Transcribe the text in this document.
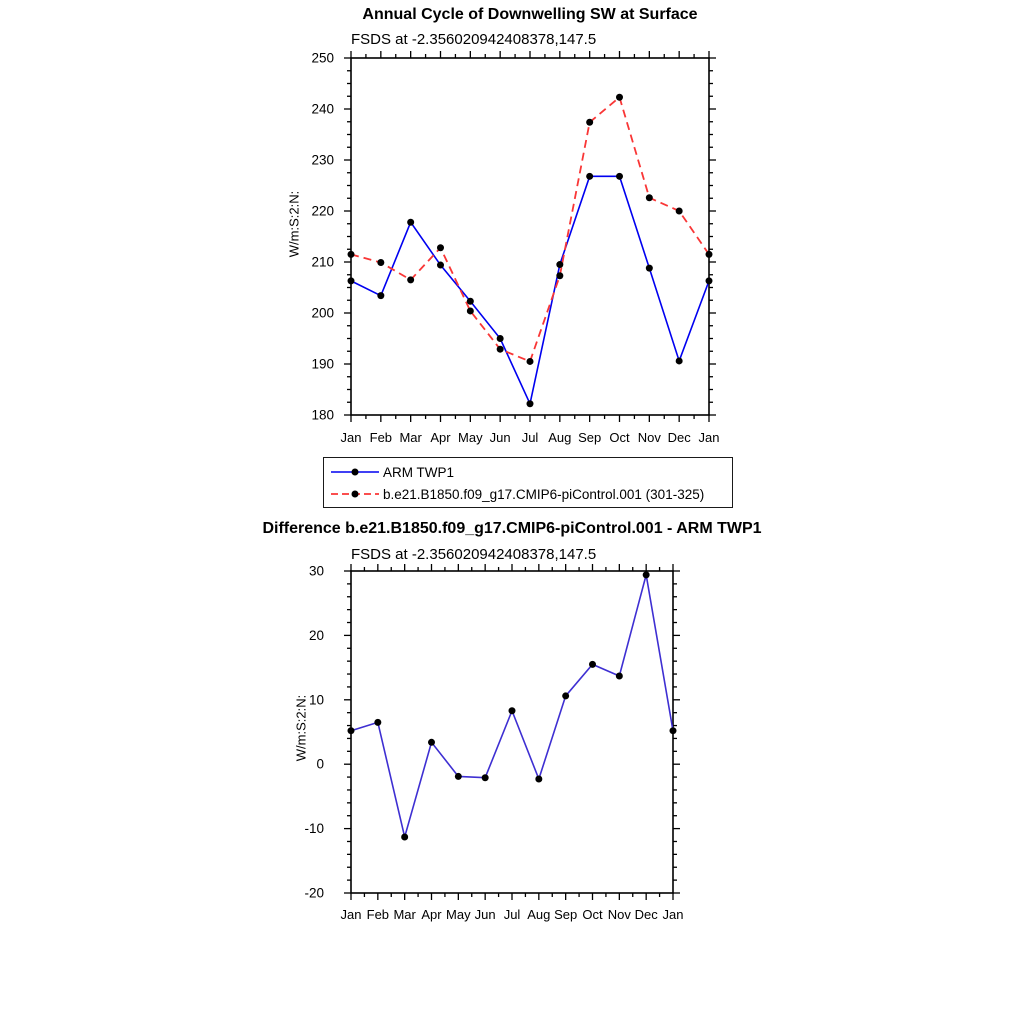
Annual Cycle of Downwelling SW at Surface
FSDS at -2.356020942408378,147.5
W/m:S:2:N:
180
190
200
210
220
230
240
250
Jan Feb Mar Apr May Jun Jul Aug Sep Oct Nov Dec Jan
ARM TWP1
b.e21.B1850.f09_g17.CMIP6-piControl.001 (301-325)
Difference b.e21.B1850.f09_g17.CMIP6-piControl.001 - ARM TWP1
FSDS at -2.356020942408378,147.5
W/m:S:2:N:
-20
-10
0
10
20
30
Jan Feb Mar Apr May Jun Jul Aug Sep Oct Nov Dec Jan
